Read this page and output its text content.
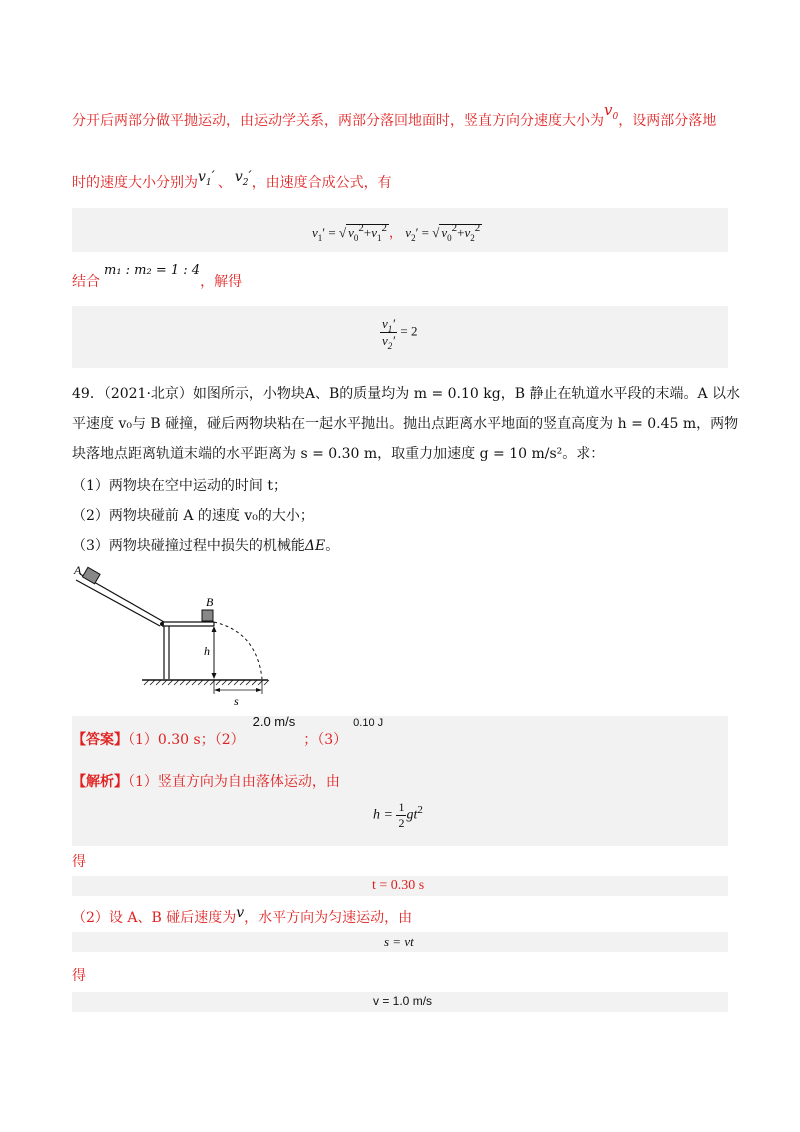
分开后两部分做平抛运动，由运动学关系，两部分落回地面时，竖直方向分速度大小为$v_0$，设两部分落地
时的速度大小分别为$v_1'$ 、 $v_2'$，由速度合成公式，有
$v_1'$ = √ $v_0^2+v_1^2$ ， $v_2'$ = √ $v_0^2+v_2^2$
结合m₁ : m₂ = 1 : 4，解得
$\frac{v_1'}{v_2'} = 2$
49．（2021·北京）如图所示，小物块A、B的质量均为 m = 0.10 kg，B 静止在轨道水平段的末端。A 以水
平速度 v₀与 B 碰撞，碰后两物块粘在一起水平抛出。抛出点距离水平地面的竖直高度为 h = 0.45 m，两物
块落地点距离轨道末端的水平距离为 s = 0.30 m，取重力加速度 g = 10 m/s²。求：
（1）两物块在空中运动的时间 t；
（2）两物块碰前 A 的速度 v₀的大小；
（3）两物块碰撞过程中损失的机械能ΔE。
A
B
h
s
【答案】（1）0.30 s；（2）2.0 m/s；$(3)^{0.10 J}$
【解析】（1）竖直方向为自由落体运动，由
$h = \frac{1}{2} gt^2$
得
t = 0.30 s
（2）设 A、B 碰后速度为v，水平方向为匀速运动，由
s = vt
得
v = 1.0 m/s
